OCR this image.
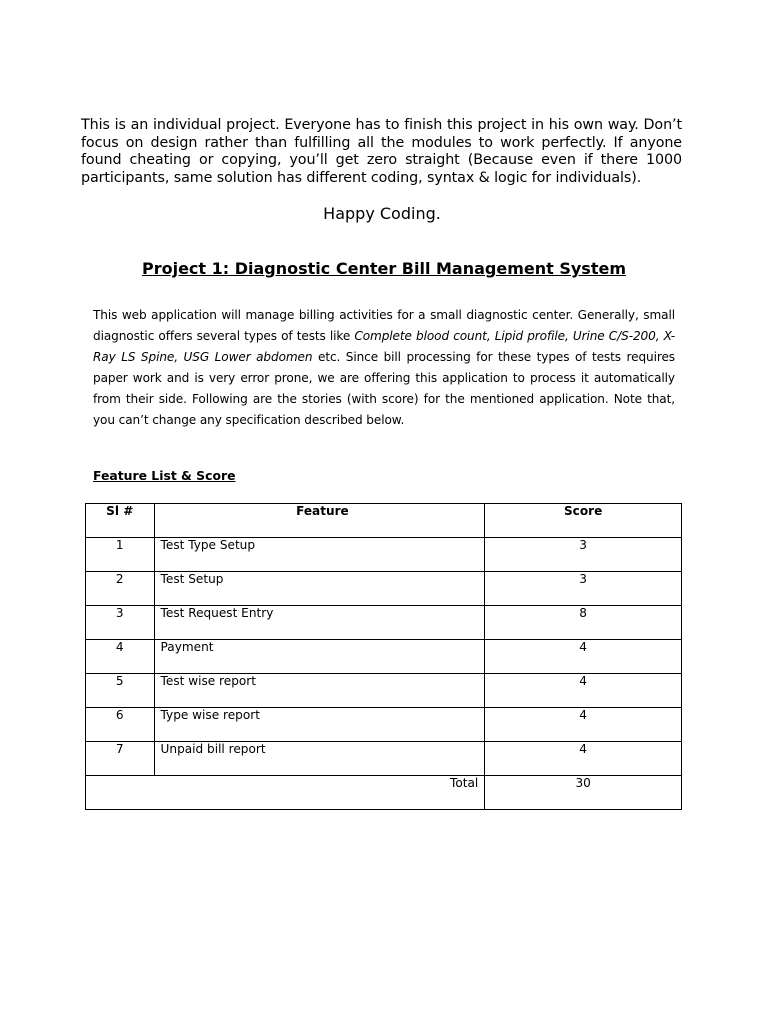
This is an individual project. Everyone has to finish this project in his own way. Don’t focus on design rather than fulfilling all the modules to work perfectly. If anyone found cheating or copying, you’ll get zero straight (Because even if there 1000 participants, same solution has different coding, syntax & logic for individuals).

Happy Coding.
Project 1: Diagnostic Center Bill Management System

This web application will manage billing activities for a small diagnostic center. Generally, small diagnostic offers several types of tests like Complete blood count, Lipid profile, Urine C/S-200, X-Ray LS Spine, USG Lower abdomen etc. Since bill processing for these types of tests requires paper work and is very error prone, we are offering this application to process it automatically from their side. Following are the stories (with score) for the mentioned application. Note that, you can’t change any specification described below.

Feature List & Score
Sl #	Feature	Score
1	Test Type Setup	3
2	Test Setup	3
3	Test Request Entry	8
4	Payment	4
5	Test wise report	4
6	Type wise report	4
7	Unpaid bill report	4
Total		30
